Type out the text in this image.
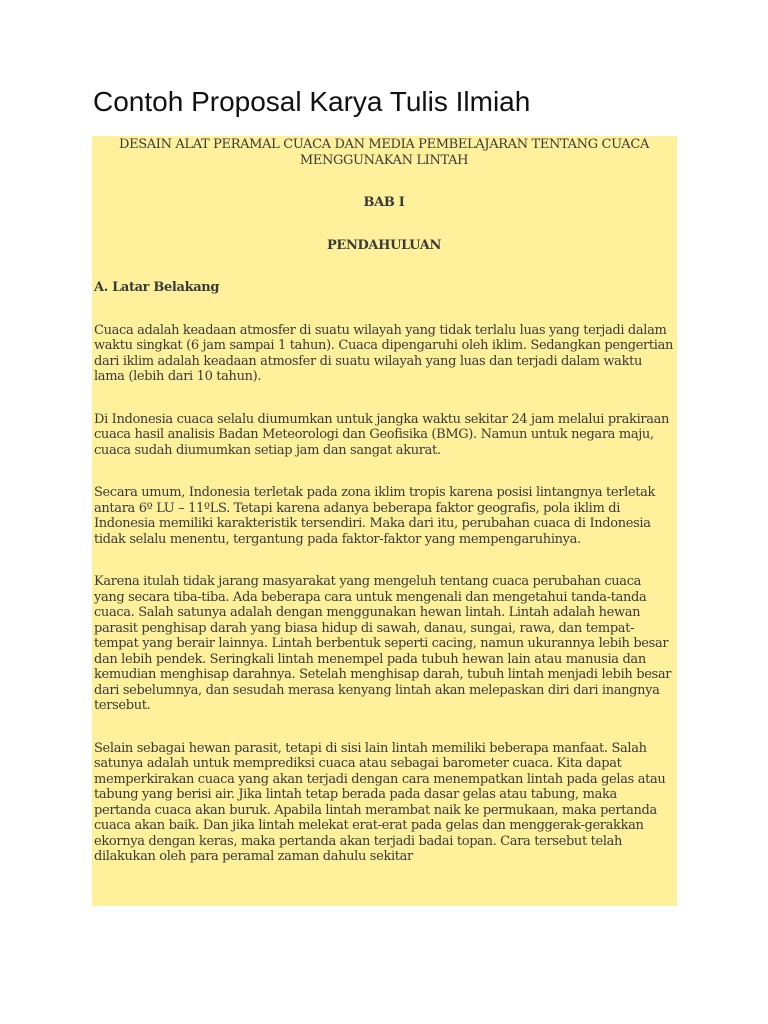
Contoh Proposal Karya Tulis Ilmiah
DESAIN ALAT PERAMAL CUACA DAN MEDIA PEMBELAJARAN TENTANG CUACA MENGGUNAKAN LINTAH
BAB I
PENDAHULUAN
A. Latar Belakang
Cuaca adalah keadaan atmosfer di suatu wilayah yang tidak terlalu luas yang terjadi dalam waktu singkat (6 jam sampai 1 tahun). Cuaca dipengaruhi oleh iklim. Sedangkan pengertian dari iklim adalah keadaan atmosfer di suatu wilayah yang luas dan terjadi dalam waktu lama (lebih dari 10 tahun).
Di Indonesia cuaca selalu diumumkan untuk jangka waktu sekitar 24 jam melalui prakiraan cuaca hasil analisis Badan Meteorologi dan Geofisika (BMG). Namun untuk negara maju, cuaca sudah diumumkan setiap jam dan sangat akurat.
Secara umum, Indonesia terletak pada zona iklim tropis karena posisi lintangnya terletak antara 6º LU – 11ºLS. Tetapi karena adanya beberapa faktor geografis, pola iklim di Indonesia memiliki karakteristik tersendiri. Maka dari itu, perubahan cuaca di Indonesia tidak selalu menentu, tergantung pada faktor-faktor yang mempengaruhinya.
Karena itulah tidak jarang masyarakat yang mengeluh tentang cuaca perubahan cuaca yang secara tiba-tiba. Ada beberapa cara untuk mengenali dan mengetahui tanda-tanda cuaca. Salah satunya adalah dengan menggunakan hewan lintah. Lintah adalah hewan parasit penghisap darah yang biasa hidup di sawah, danau, sungai, rawa, dan tempat-tempat yang berair lainnya. Lintah berbentuk seperti cacing, namun ukurannya lebih besar dan lebih pendek. Seringkali lintah menempel pada tubuh hewan lain atau manusia dan kemudian menghisap darahnya. Setelah menghisap darah, tubuh lintah menjadi lebih besar dari sebelumnya, dan sesudah merasa kenyang lintah akan melepaskan diri dari inangnya tersebut.
Selain sebagai hewan parasit, tetapi di sisi lain lintah memiliki beberapa manfaat. Salah satunya adalah untuk memprediksi cuaca atau sebagai barometer cuaca. Kita dapat memperkirakan cuaca yang akan terjadi dengan cara menempatkan lintah pada gelas atau tabung yang berisi air. Jika lintah tetap berada pada dasar gelas atau tabung, maka pertanda cuaca akan buruk. Apabila lintah merambat naik ke permukaan, maka pertanda cuaca akan baik. Dan jika lintah melekat erat-erat pada gelas dan menggerak-gerakkan ekornya dengan keras, maka pertanda akan terjadi badai topan. Cara tersebut telah dilakukan oleh para peramal zaman dahulu sekitar
